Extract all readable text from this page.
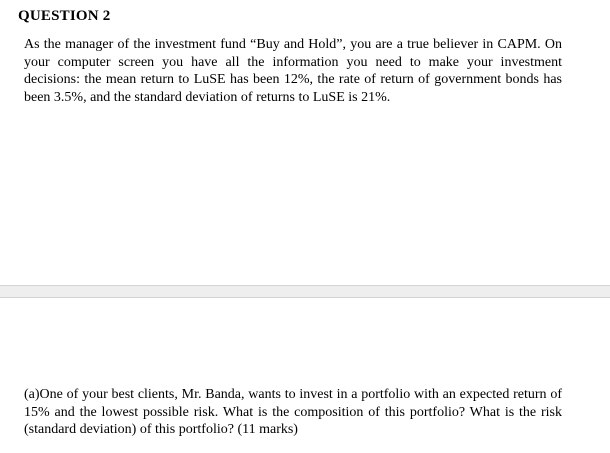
QUESTION 2
As the manager of the investment fund “Buy and Hold”, you are a true believer in CAPM. On your computer screen you have all the information you need to make your investment decisions: the mean return to LuSE has been 12%, the rate of return of government bonds has been 3.5%, and the standard deviation of returns to LuSE is 21%.
(a)One of your best clients, Mr. Banda, wants to invest in a portfolio with an expected return of 15% and the lowest possible risk. What is the composition of this portfolio? What is the risk (standard deviation) of this portfolio? (11 marks)
